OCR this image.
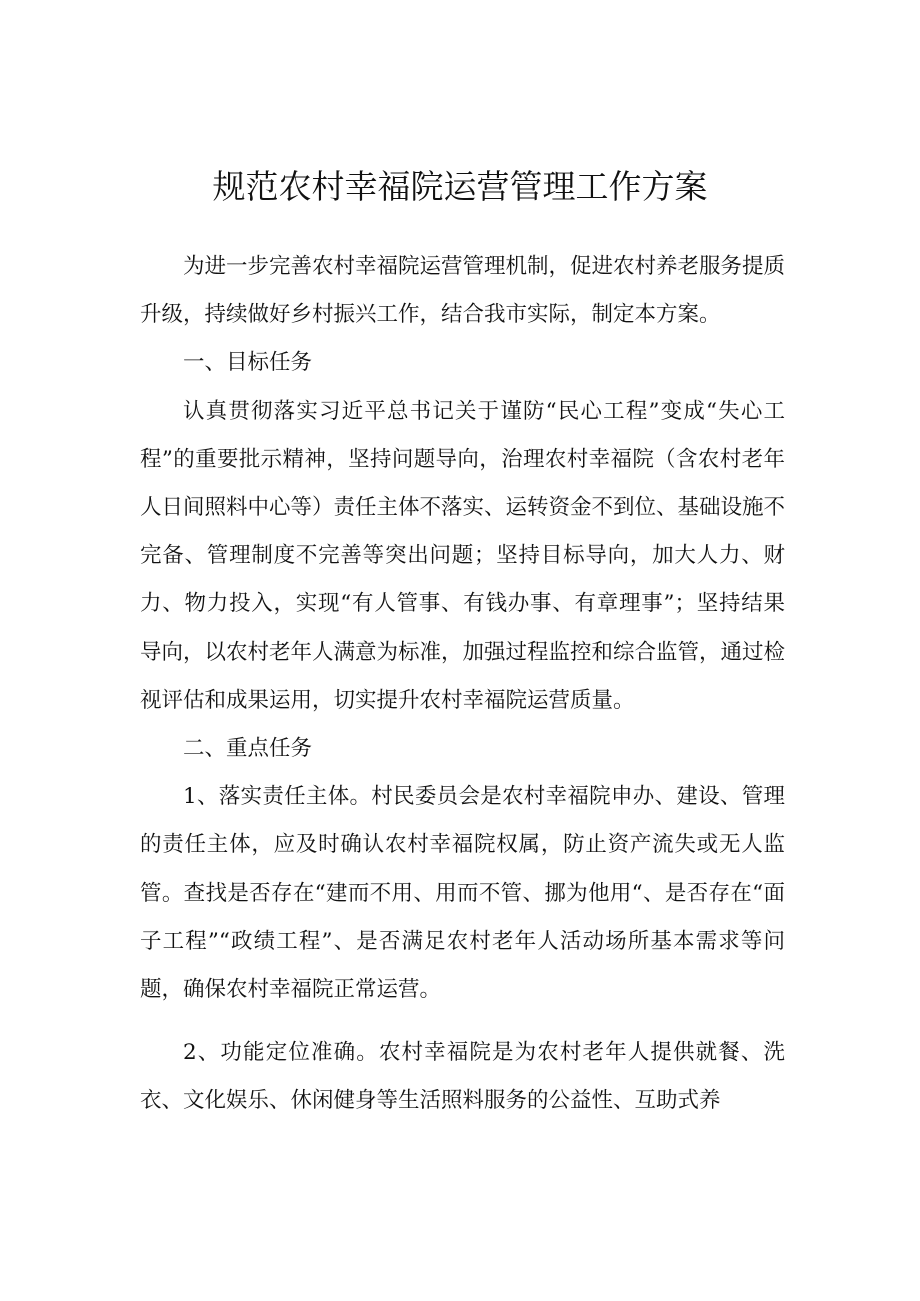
规范农村幸福院运营管理工作方案

为进一步完善农村幸福院运营管理机制，促进农村养老服务提质升级，持续做好乡村振兴工作，结合我市实际，制定本方案。

一、目标任务

认真贯彻落实习近平总书记关于谨防“民心工程”变成“失心工程”的重要批示精神，坚持问题导向，治理农村幸福院（含农村老年人日间照料中心等）责任主体不落实、运转资金不到位、基础设施不完备、管理制度不完善等突出问题；坚持目标导向，加大人力、财力、物力投入，实现“有人管事、有钱办事、有章理事”；坚持结果导向，以农村老年人满意为标准，加强过程监控和综合监管，通过检视评估和成果运用，切实提升农村幸福院运营质量。

二、重点任务

1、落实责任主体。村民委员会是农村幸福院申办、建设、管理的责任主体，应及时确认农村幸福院权属，防止资产流失或无人监管。查找是否存在“建而不用、用而不管、挪为他用“、是否存在“面子工程”“政绩工程”、是否满足农村老年人活动场所基本需求等问题，确保农村幸福院正常运营。

2、功能定位准确。农村幸福院是为农村老年人提供就餐、洗衣、文化娱乐、休闲健身等生活照料服务的公益性、互助式养
